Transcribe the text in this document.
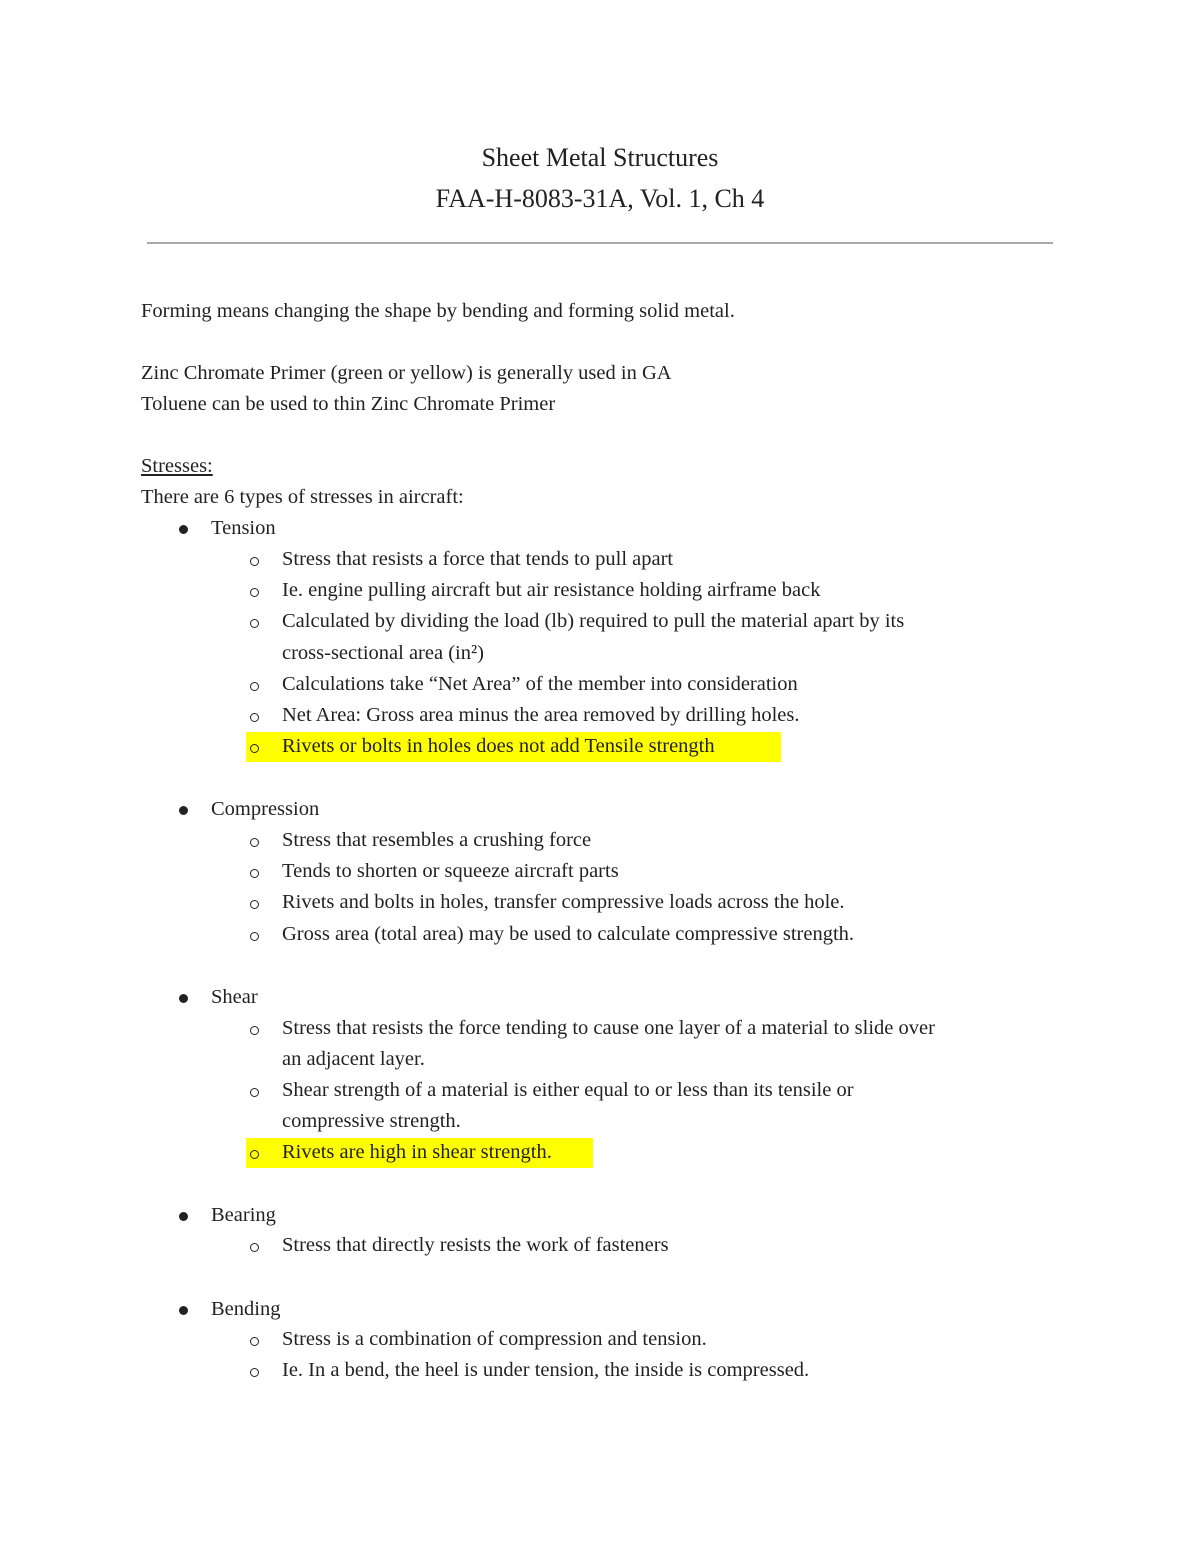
Sheet Metal Structures
FAA-H-8083-31A, Vol. 1, Ch 4
Forming means changing the shape by bending and forming solid metal.
Zinc Chromate Primer (green or yellow) is generally used in GA
Toluene can be used to thin Zinc Chromate Primer
Stresses:
There are 6 types of stresses in aircraft:
Tension
Stress that resists a force that tends to pull apart
Ie. engine pulling aircraft but air resistance holding airframe back
Calculated by dividing the load (lb) required to pull the material apart by its
cross-sectional area (in²)
Calculations take “Net Area” of the member into consideration
Net Area: Gross area minus the area removed by drilling holes.
Rivets or bolts in holes does not add Tensile strength
Compression
Stress that resembles a crushing force
Tends to shorten or squeeze aircraft parts
Rivets and bolts in holes, transfer compressive loads across the hole.
Gross area (total area) may be used to calculate compressive strength.
Shear
Stress that resists the force tending to cause one layer of a material to slide over
an adjacent layer.
Shear strength of a material is either equal to or less than its tensile or
compressive strength.
Rivets are high in shear strength.
Bearing
Stress that directly resists the work of fasteners
Bending
Stress is a combination of compression and tension.
Ie. In a bend, the heel is under tension, the inside is compressed.
